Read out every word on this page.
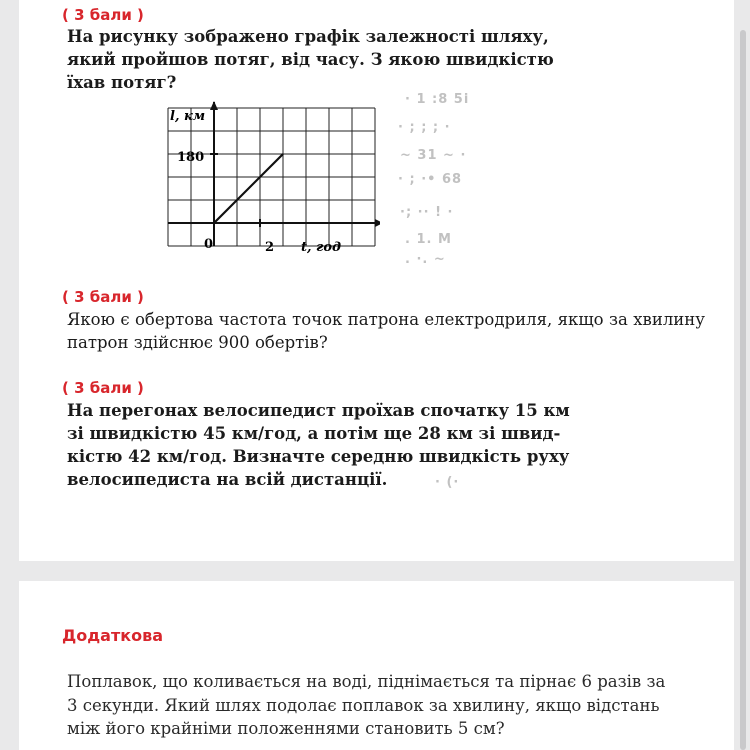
( 3 бали )
На рисунку зображено графік залежності шляху,
який пройшов потяг, від часу. З якою швидкістю
їхав потяг?
· 1 :8 5i
· ; ; ; ·
~ 31 ~ ·
· ; ·• 68
·; ·· ! ·
. 1. M
. ·. ~
· (·
l, км
180
0	2 t, год
( 3 бали )
Якою є обертова частота точок патрона електродриля, якщо за хвилину патрон здійснює 900 обертів?
( 3 бали )
На перегонах велосипедист проїхав спочатку 15 км
зі швидкістю 45 км/год, а потім ще 28 км зі швид-
кістю 42 км/год. Визначте середню швидкість руху
велосипедиста на всій дистанції.
Додаткова
Поплавок, що коливається на воді, піднімається та пірнає 6 разів за
3 секунди. Який шлях подолає поплавок за хвилину, якщо відстань
між його крайніми положеннями становить 5 см?
